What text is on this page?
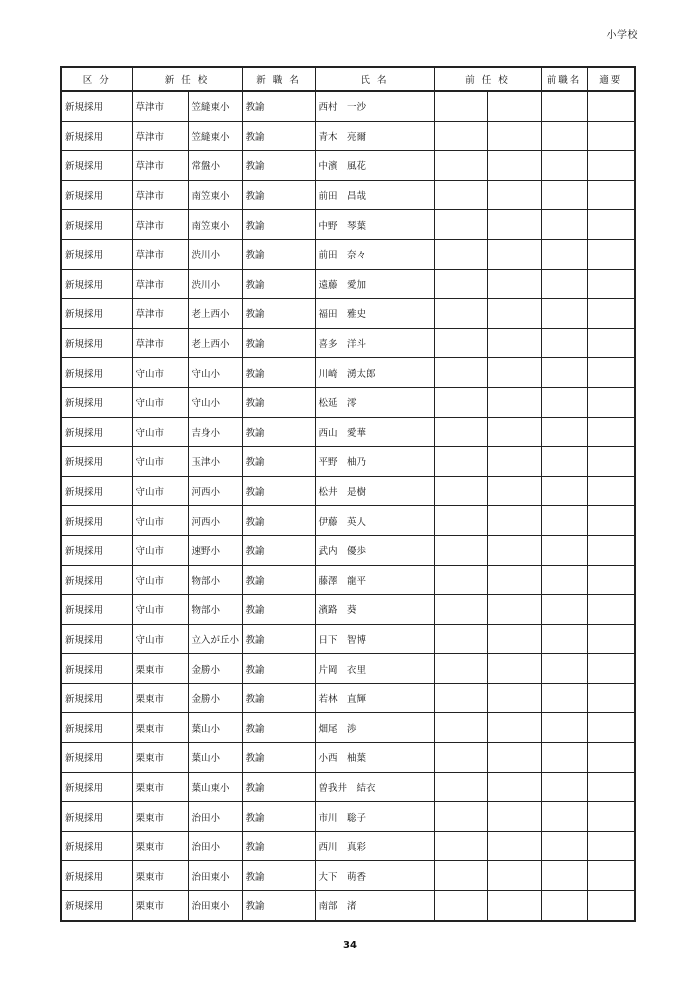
小学校
区 分	新 任 校		新 職 名	氏 名	前 任 校		前職名	適要
新規採用	草津市	笠縫東小	教諭	西村　一沙				
新規採用	草津市	笠縫東小	教諭	青木　亮爾				
新規採用	草津市	常盤小	教諭	中濱　風花				
新規採用	草津市	南笠東小	教諭	前田　昌哉				
新規採用	草津市	南笠東小	教諭	中野　琴葉				
新規採用	草津市	渋川小	教諭	前田　奈々				
新規採用	草津市	渋川小	教諭	遠藤　愛加				
新規採用	草津市	老上西小	教諭	福田　雅史				
新規採用	草津市	老上西小	教諭	喜多　洋斗				
新規採用	守山市	守山小	教諭	川崎　湧太郎				
新規採用	守山市	守山小	教諭	松延　澪				
新規採用	守山市	吉身小	教諭	西山　愛華				
新規採用	守山市	玉津小	教諭	平野　柚乃				
新規採用	守山市	河西小	教諭	松井　是樹				
新規採用	守山市	河西小	教諭	伊藤　英人				
新規採用	守山市	速野小	教諭	武内　優歩				
新規採用	守山市	物部小	教諭	藤澤　龍平				
新規採用	守山市	物部小	教諭	濱路　葵				
新規採用	守山市	立入が丘小	教諭	日下　智博				
新規採用	栗東市	金勝小	教諭	片岡　衣里				
新規採用	栗東市	金勝小	教諭	若林　直輝				
新規採用	栗東市	葉山小	教諭	畑尾　渉				
新規採用	栗東市	葉山小	教諭	小西　柚葉				
新規採用	栗東市	葉山東小	教諭	曽我井　結衣				
新規採用	栗東市	治田小	教諭	市川　聡子				
新規採用	栗東市	治田小	教諭	西川　真彩				
新規採用	栗東市	治田東小	教諭	大下　萌香				
新規採用	栗東市	治田東小	教諭	南部　渚				
34
